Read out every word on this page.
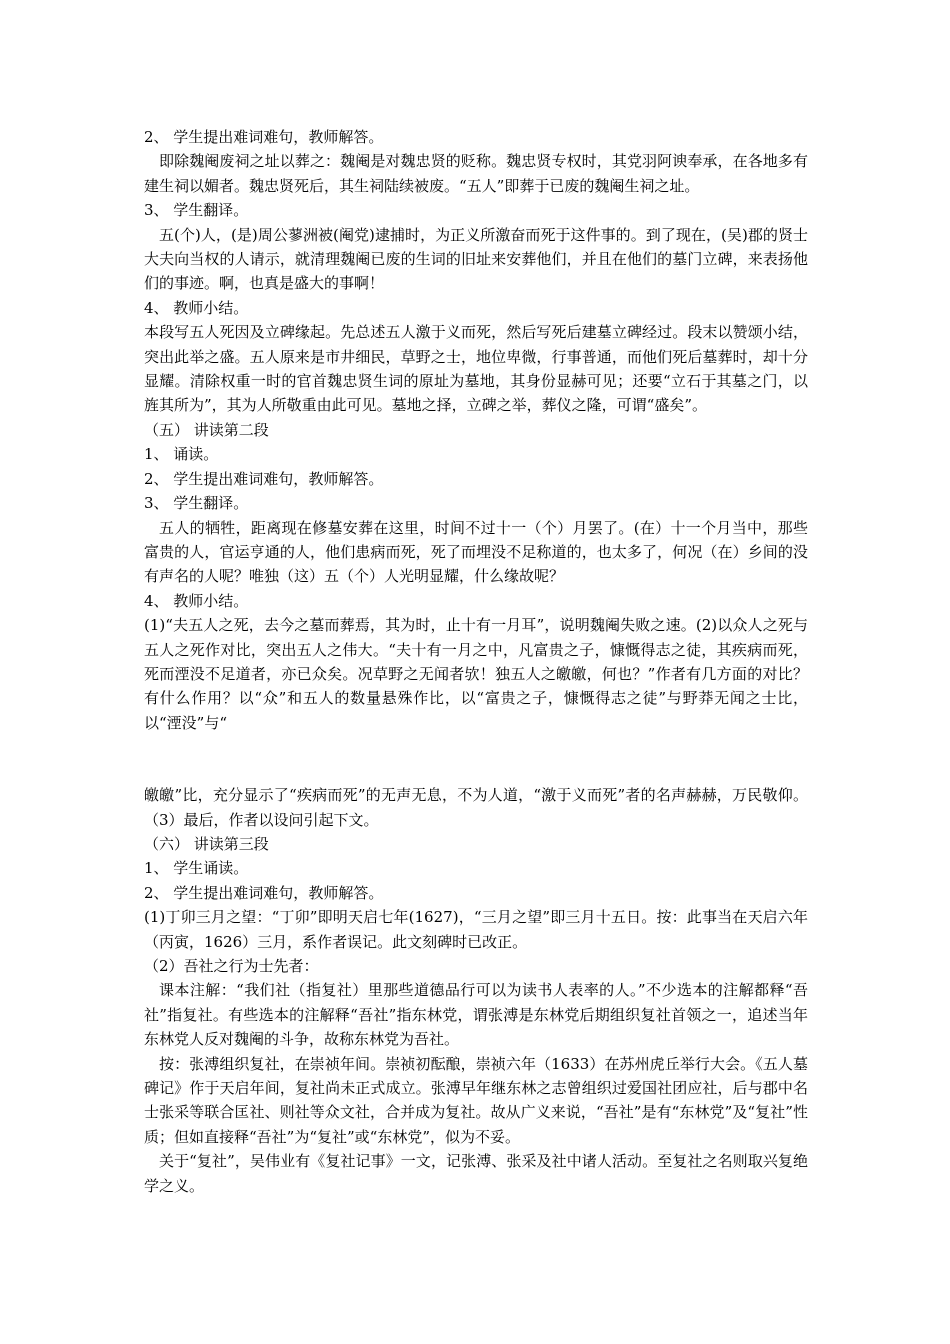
2、 学生提出难词难句，教师解答。

即除魏阉废祠之址以葬之：魏阉是对魏忠贤的贬称。魏忠贤专权时，其党羽阿谀奉承，在各地多有建生祠以媚者。魏忠贤死后，其生祠陆续被废。“五人”即葬于已废的魏阉生祠之址。

3、 学生翻译。

五(个)人，(是)周公蓼洲被(阉党)逮捕时，为正义所激奋而死于这件事的。到了现在，(吴)郡的贤士大夫向当权的人请示，就清理魏阉已废的生词的旧址来安葬他们，并且在他们的墓门立碑，来表扬他们的事迹。啊，也真是盛大的事啊！

4、 教师小结。

本段写五人死因及立碑缘起。先总述五人激于义而死，然后写死后建墓立碑经过。段末以赞颂小结，突出此举之盛。五人原来是市井细民，草野之士，地位卑微，行事普通，而他们死后墓葬时，却十分显耀。清除权重一时的官首魏忠贤生词的原址为墓地，其身份显赫可见；还要“立石于其墓之门，以旌其所为”，其为人所敬重由此可见。墓地之择，立碑之举，葬仪之隆，可谓“盛矣”。

（五） 讲读第二段

1、 诵读。

2、 学生提出难词难句，教师解答。

3、 学生翻译。

五人的牺牲，距离现在修墓安葬在这里，时间不过十一（个）月罢了。(在）十一个月当中，那些富贵的人，官运亨通的人，他们患病而死，死了而埋没不足称道的，也太多了，何况（在）乡间的没有声名的人呢？唯独（这）五（个）人光明显耀，什么缘故呢？

4、 教师小结。

(1)“夫五人之死，去今之墓而葬焉，其为时，止十有一月耳”，说明魏阉失败之速。(2)以众人之死与五人之死作对比，突出五人之伟大。“夫十有一月之中，凡富贵之子，慷慨得志之徒，其疾病而死，死而湮没不足道者，亦已众矣。况草野之无闻者欤！独五人之皦皦，何也？”作者有几方面的对比？有什么作用？以“众”和五人的数量悬殊作比，以“富贵之子，慷慨得志之徒”与野莽无闻之士比，以“湮没”与“

皦皦”比，充分显示了“疾病而死”的无声无息，不为人道，“激于义而死”者的名声赫赫，万民敬仰。（3）最后，作者以设问引起下文。

（六） 讲读第三段

1、 学生诵读。

2、 学生提出难词难句，教师解答。

(1)丁卯三月之望：“丁卯”即明天启七年(1627)，“三月之望”即三月十五日。按：此事当在天启六年（丙寅，1626）三月，系作者误记。此文刻碑时已改正。

（2）吾社之行为士先者：

课本注解：“我们社（指复社）里那些道德品行可以为读书人表率的人。”不少选本的注解都释“吾社”指复社。有些选本的注解释“吾社”指东林党，谓张溥是东林党后期组织复社首领之一，追述当年东林党人反对魏阉的斗争，故称东林党为吾社。

按：张溥组织复社，在崇祯年间。崇祯初酝酿，崇祯六年（1633）在苏州虎丘举行大会。《五人墓碑记》作于天启年间，复社尚未正式成立。张溥早年继东林之志曾组织过爱国社团应社，后与郡中名士张采等联合匡社、则社等众文社，合并成为复社。故从广义来说，“吾社”是有“东林党”及“复社”性质；但如直接释“吾社”为“复社”或“东林党”，似为不妥。

关于“复社”，吴伟业有《复社记事》一文，记张溥、张采及社中诸人活动。至复社之名则取兴复绝学之义。
